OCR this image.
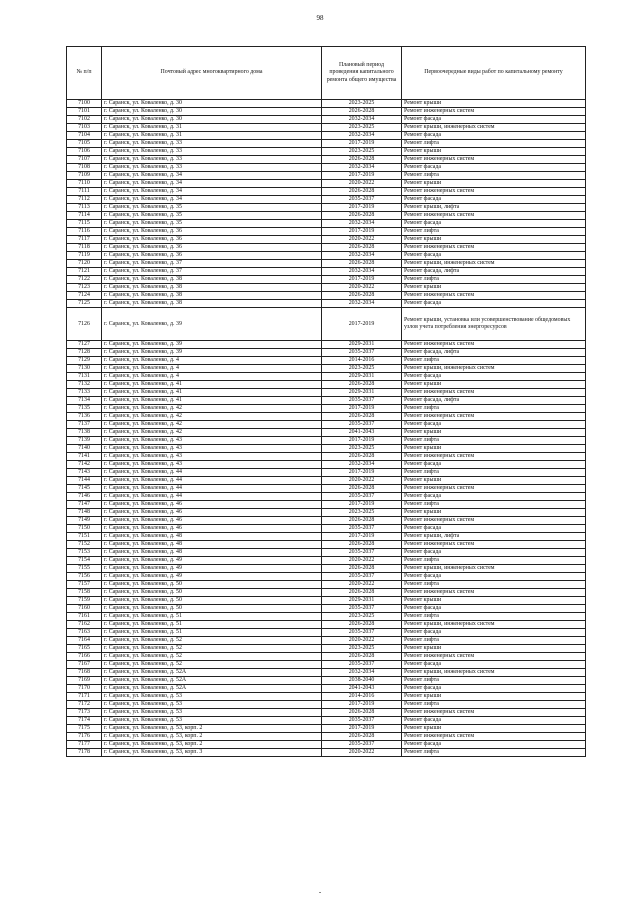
98
№ п/п	Почтовый адрес многоквартирного дома	Плановый период проведения капитального ремонта общего имущества	Первоочередные виды работ по капитальному ремонту
7100	г. Саранск, ул. Коваленко, д. 30	2023-2025	Ремонт крыши
7101	г. Саранск, ул. Коваленко, д. 30	2026-2028	Ремонт инженерных систем
7102	г. Саранск, ул. Коваленко, д. 30	2032-2034	Ремонт фасада
7103	г. Саранск, ул. Коваленко, д. 31	2023-2025	Ремонт крыши, инженерных систем
7104	г. Саранск, ул. Коваленко, д. 31	2032-2034	Ремонт фасада
7105	г. Саранск, ул. Коваленко, д. 33	2017-2019	Ремонт лифта
7106	г. Саранск, ул. Коваленко, д. 33	2023-2025	Ремонт крыши
7107	г. Саранск, ул. Коваленко, д. 33	2026-2028	Ремонт инженерных систем
7108	г. Саранск, ул. Коваленко, д. 33	2032-2034	Ремонт фасада
7109	г. Саранск, ул. Коваленко, д. 34	2017-2019	Ремонт лифта
7110	г. Саранск, ул. Коваленко, д. 34	2020-2022	Ремонт крыши
7111	г. Саранск, ул. Коваленко, д. 34	2026-2028	Ремонт инженерных систем
7112	г. Саранск, ул. Коваленко, д. 34	2035-2037	Ремонт фасада
7113	г. Саранск, ул. Коваленко, д. 35	2017-2019	Ремонт крыши, лифта
7114	г. Саранск, ул. Коваленко, д. 35	2026-2028	Ремонт инженерных систем
7115	г. Саранск, ул. Коваленко, д. 35	2032-2034	Ремонт фасада
7116	г. Саранск, ул. Коваленко, д. 36	2017-2019	Ремонт лифта
7117	г. Саранск, ул. Коваленко, д. 36	2020-2022	Ремонт крыши
7118	г. Саранск, ул. Коваленко, д. 36	2026-2028	Ремонт инженерных систем
7119	г. Саранск, ул. Коваленко, д. 36	2032-2034	Ремонт фасада
7120	г. Саранск, ул. Коваленко, д. 37	2026-2028	Ремонт крыши, инженерных систем
7121	г. Саранск, ул. Коваленко, д. 37	2032-2034	Ремонт фасада, лифта
7122	г. Саранск, ул. Коваленко, д. 38	2017-2019	Ремонт лифта
7123	г. Саранск, ул. Коваленко, д. 38	2020-2022	Ремонт крыши
7124	г. Саранск, ул. Коваленко, д. 38	2026-2028	Ремонт инженерных систем
7125	г. Саранск, ул. Коваленко, д. 38	2032-2034	Ремонт фасада
7126	г. Саранск, ул. Коваленко, д. 39	2017-2019	Ремонт крыши, установка или усовершенствование общедомовых узлов учета потребления энергоресурсов
7127	г. Саранск, ул. Коваленко, д. 39	2029-2031	Ремонт инженерных систем
7128	г. Саранск, ул. Коваленко, д. 39	2035-2037	Ремонт фасада, лифта
7129	г. Саранск, ул. Коваленко, д. 4	2014-2016	Ремонт лифта
7130	г. Саранск, ул. Коваленко, д. 4	2023-2025	Ремонт крыши, инженерных систем
7131	г. Саранск, ул. Коваленко, д. 4	2029-2031	Ремонт фасада
7132	г. Саранск, ул. Коваленко, д. 41	2026-2028	Ремонт крыши
7133	г. Саранск, ул. Коваленко, д. 41	2029-2031	Ремонт инженерных систем
7134	г. Саранск, ул. Коваленко, д. 41	2035-2037	Ремонт фасада, лифта
7135	г. Саранск, ул. Коваленко, д. 42	2017-2019	Ремонт лифта
7136	г. Саранск, ул. Коваленко, д. 42	2026-2028	Ремонт инженерных систем
7137	г. Саранск, ул. Коваленко, д. 42	2035-2037	Ремонт фасада
7138	г. Саранск, ул. Коваленко, д. 42	2041-2043	Ремонт крыши
7139	г. Саранск, ул. Коваленко, д. 43	2017-2019	Ремонт лифта
7140	г. Саранск, ул. Коваленко, д. 43	2023-2025	Ремонт крыши
7141	г. Саранск, ул. Коваленко, д. 43	2026-2028	Ремонт инженерных систем
7142	г. Саранск, ул. Коваленко, д. 43	2032-2034	Ремонт фасада
7143	г. Саранск, ул. Коваленко, д. 44	2017-2019	Ремонт лифта
7144	г. Саранск, ул. Коваленко, д. 44	2020-2022	Ремонт крыши
7145	г. Саранск, ул. Коваленко, д. 44	2026-2028	Ремонт инженерных систем
7146	г. Саранск, ул. Коваленко, д. 44	2035-2037	Ремонт фасада
7147	г. Саранск, ул. Коваленко, д. 46	2017-2019	Ремонт лифта
7148	г. Саранск, ул. Коваленко, д. 46	2023-2025	Ремонт крыши
7149	г. Саранск, ул. Коваленко, д. 46	2026-2028	Ремонт инженерных систем
7150	г. Саранск, ул. Коваленко, д. 46	2035-2037	Ремонт фасада
7151	г. Саранск, ул. Коваленко, д. 48	2017-2019	Ремонт крыши, лифта
7152	г. Саранск, ул. Коваленко, д. 48	2026-2028	Ремонт инженерных систем
7153	г. Саранск, ул. Коваленко, д. 48	2035-2037	Ремонт фасада
7154	г. Саранск, ул. Коваленко, д. 49	2020-2022	Ремонт лифта
7155	г. Саранск, ул. Коваленко, д. 49	2026-2028	Ремонт крыши, инженерных систем
7156	г. Саранск, ул. Коваленко, д. 49	2035-2037	Ремонт фасада
7157	г. Саранск, ул. Коваленко, д. 50	2020-2022	Ремонт лифта
7158	г. Саранск, ул. Коваленко, д. 50	2026-2028	Ремонт инженерных систем
7159	г. Саранск, ул. Коваленко, д. 50	2029-2031	Ремонт крыши
7160	г. Саранск, ул. Коваленко, д. 50	2035-2037	Ремонт фасада
7161	г. Саранск, ул. Коваленко, д. 51	2023-2025	Ремонт лифта
7162	г. Саранск, ул. Коваленко, д. 51	2026-2028	Ремонт крыши, инженерных систем
7163	г. Саранск, ул. Коваленко, д. 51	2035-2037	Ремонт фасада
7164	г. Саранск, ул. Коваленко, д. 52	2020-2022	Ремонт лифта
7165	г. Саранск, ул. Коваленко, д. 52	2023-2025	Ремонт крыши
7166	г. Саранск, ул. Коваленко, д. 52	2026-2028	Ремонт инженерных систем
7167	г. Саранск, ул. Коваленко, д. 52	2035-2037	Ремонт фасада
7168	г. Саранск, ул. Коваленко, д. 52А	2032-2034	Ремонт крыши, инженерных систем
7169	г. Саранск, ул. Коваленко, д. 52А	2038-2040	Ремонт лифта
7170	г. Саранск, ул. Коваленко, д. 52А	2041-2043	Ремонт фасада
7171	г. Саранск, ул. Коваленко, д. 53	2014-2016	Ремонт крыши
7172	г. Саранск, ул. Коваленко, д. 53	2017-2019	Ремонт лифта
7173	г. Саранск, ул. Коваленко, д. 53	2026-2028	Ремонт инженерных систем
7174	г. Саранск, ул. Коваленко, д. 53	2035-2037	Ремонт фасада
7175	г. Саранск, ул. Коваленко, д. 53, корп. 2	2017-2019	Ремонт крыши
7176	г. Саранск, ул. Коваленко, д. 53, корп. 2	2026-2028	Ремонт инженерных систем
7177	г. Саранск, ул. Коваленко, д. 53, корп. 2	2035-2037	Ремонт фасада
7178	г. Саранск, ул. Коваленко, д. 53, корп. 3	2020-2022	Ремонт лифта
‑
